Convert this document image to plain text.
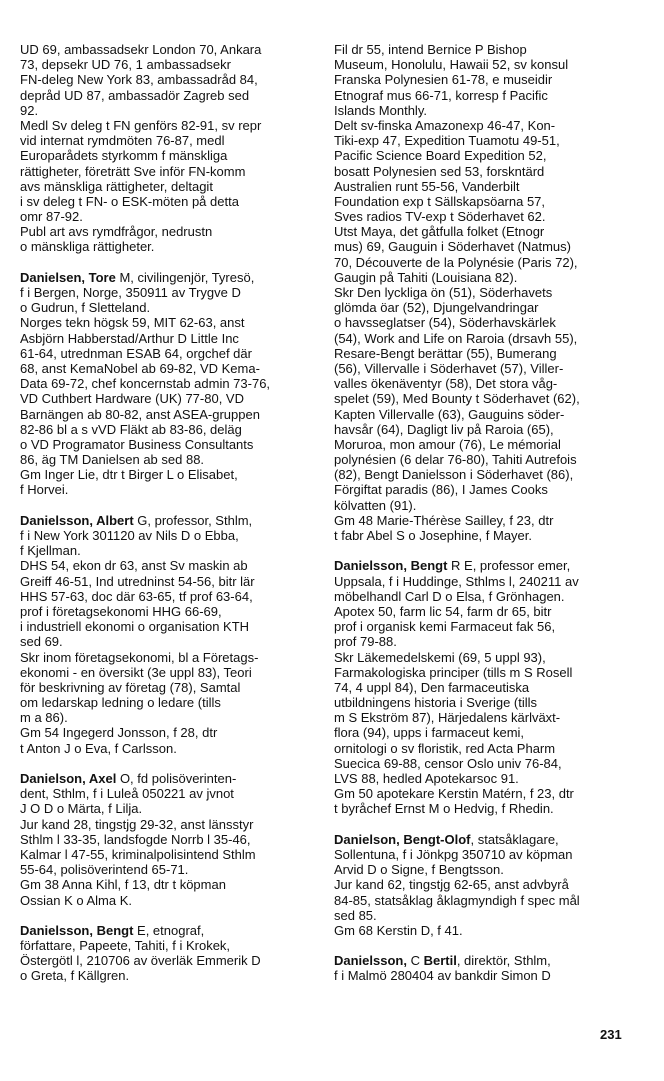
UD 69, ambassadsekr London 70, Ankara
73, depsekr UD 76, 1 ambassadsekr
FN-deleg New York 83, ambassadråd 84,
depråd UD 87, ambassadör Zagreb sed
92.
Medl Sv deleg t FN genförs 82-91, sv repr
vid internat rymdmöten 76-87, medl
Europarådets styrkomm f mänskliga
rättigheter, företrätt Sve inför FN-komm
avs mänskliga rättigheter, deltagit
i sv deleg t FN- o ESK-möten på detta
omr 87-92.
Publ art avs rymdfrågor, nedrustn
o mänskliga rättigheter.
Danielsen, Tore M, civilingenjör, Tyresö,
f i Bergen, Norge, 350911 av Trygve D
o Gudrun, f Sletteland.
Norges tekn högsk 59, MIT 62-63, anst
Asbjörn Habberstad/Arthur D Little Inc
61-64, utrednman ESAB 64, orgchef där
68, anst KemaNobel ab 69-82, VD Kema-
Data 69-72, chef koncernstab admin 73-76,
VD Cuthbert Hardware (UK) 77-80, VD
Barnängen ab 80-82, anst ASEA-gruppen
82-86 bl a s vVD Fläkt ab 83-86, deläg
o VD Programator Business Consultants
86, äg TM Danielsen ab sed 88.
Gm Inger Lie, dtr t Birger L o Elisabet,
f Horvei.
Danielsson, Albert G, professor, Sthlm,
f i New York 301120 av Nils D o Ebba,
f Kjellman.
DHS 54, ekon dr 63, anst Sv maskin ab
Greiff 46-51, Ind utredninst 54-56, bitr lär
HHS 57-63, doc där 63-65, tf prof 63-64,
prof i företagsekonomi HHG 66-69,
i industriell ekonomi o organisation KTH
sed 69.
Skr inom företagsekonomi, bl a Företags-
ekonomi - en översikt (3e uppl 83), Teori
för beskrivning av företag (78), Samtal
om ledarskap ledning o ledare (tills
m a 86).
Gm 54 Ingegerd Jonsson, f 28, dtr
t Anton J o Eva, f Carlsson.
Danielson, Axel O, fd polisöverinten-
dent, Sthlm, f i Luleå 050221 av jvnot
J O D o Märta, f Lilja.
Jur kand 28, tingstjg 29-32, anst länsstyr
Sthlm l 33-35, landsfogde Norrb l 35-46,
Kalmar l 47-55, kriminalpolisintend Sthlm
55-64, polisöverintend 65-71.
Gm 38 Anna Kihl, f 13, dtr t köpman
Ossian K o Alma K.
Danielsson, Bengt E, etnograf,
författare, Papeete, Tahiti, f i Krokek,
Östergötl l, 210706 av överläk Emmerik D
o Greta, f Källgren.
Fil dr 55, intend Bernice P Bishop
Museum, Honolulu, Hawaii 52, sv konsul
Franska Polynesien 61-78, e museidir
Etnograf mus 66-71, korresp f Pacific
Islands Monthly.
Delt sv-finska Amazonexp 46-47, Kon-
Tiki-exp 47, Expedition Tuamotu 49-51,
Pacific Science Board Expedition 52,
bosatt Polynesien sed 53, forskntärd
Australien runt 55-56, Vanderbilt
Foundation exp t Sällskapsöarna 57,
Sves radios TV-exp t Söderhavet 62.
Utst Maya, det gåtfulla folket (Etnogr
mus) 69, Gauguin i Söderhavet (Natmus)
70, Découverte de la Polynésie (Paris 72),
Gaugin på Tahiti (Louisiana 82).
Skr Den lyckliga ön (51), Söderhavets
glömda öar (52), Djungelvandringar
o havsseglatser (54), Söderhavskärlek
(54), Work and Life on Raroia (drsavh 55),
Resare-Bengt berättar (55), Bumerang
(56), Villervalle i Söderhavet (57), Viller-
valles ökenäventyr (58), Det stora våg-
spelet (59), Med Bounty t Söderhavet (62),
Kapten Villervalle (63), Gauguins söder-
havsår (64), Dagligt liv på Raroia (65),
Moruroa, mon amour (76), Le mémorial
polynésien (6 delar 76-80), Tahiti Autrefois
(82), Bengt Danielsson i Söderhavet (86),
Förgiftat paradis (86), I James Cooks
kölvatten (91).
Gm 48 Marie-Thérèse Sailley, f 23, dtr
t fabr Abel S o Josephine, f Mayer.
Danielsson, Bengt R E, professor emer,
Uppsala, f i Huddinge, Sthlms l, 240211 av
möbelhandl Carl D o Elsa, f Grönhagen.
Apotex 50, farm lic 54, farm dr 65, bitr
prof i organisk kemi Farmaceut fak 56,
prof 79-88.
Skr Läkemedelskemi (69, 5 uppl 93),
Farmakologiska principer (tills m S Rosell
74, 4 uppl 84), Den farmaceutiska
utbildningens historia i Sverige (tills
m S Ekström 87), Härjedalens kärlväxt-
flora (94), upps i farmaceut kemi,
ornitologi o sv floristik, red Acta Pharm
Suecica 69-88, censor Oslo univ 76-84,
LVS 88, hedled Apotekarsoc 91.
Gm 50 apotekare Kerstin Matérn, f 23, dtr
t byråchef Ernst M o Hedvig, f Rhedin.
Danielson, Bengt-Olof, statsåklagare,
Sollentuna, f i Jönkpg 350710 av köpman
Arvid D o Signe, f Bengtsson.
Jur kand 62, tingstjg 62-65, anst advbyrå
84-85, statsåklag åklagmyndigh f spec mål
sed 85.
Gm 68 Kerstin D, f 41.
Danielsson, C Bertil, direktör, Sthlm,
f i Malmö 280404 av bankdir Simon D
231
